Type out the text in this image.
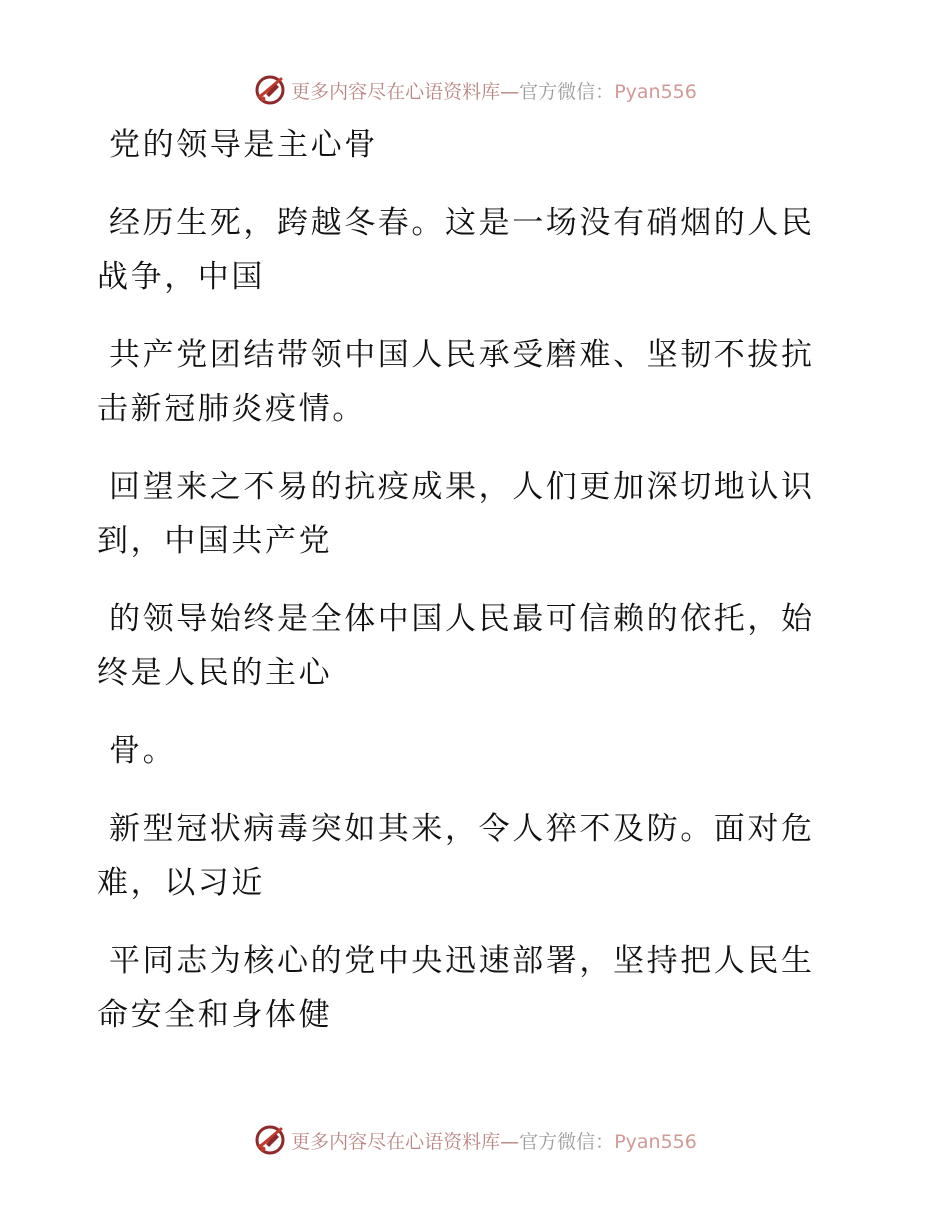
更多内容尽在心语资料库—官方微信：Pyan556

党的领导是主心骨

经历生死，跨越冬春。这是一场没有硝烟的人民战争，中国

共产党团结带领中国人民承受磨难、坚韧不拔抗击新冠肺炎疫情。

回望来之不易的抗疫成果，人们更加深切地认识到，中国共产党

的领导始终是全体中国人民最可信赖的依托，始终是人民的主心

骨。

新型冠状病毒突如其来，令人猝不及防。面对危难，以习近

平同志为核心的党中央迅速部署，坚持把人民生命安全和身体健

更多内容尽在心语资料库—官方微信：Pyan556
